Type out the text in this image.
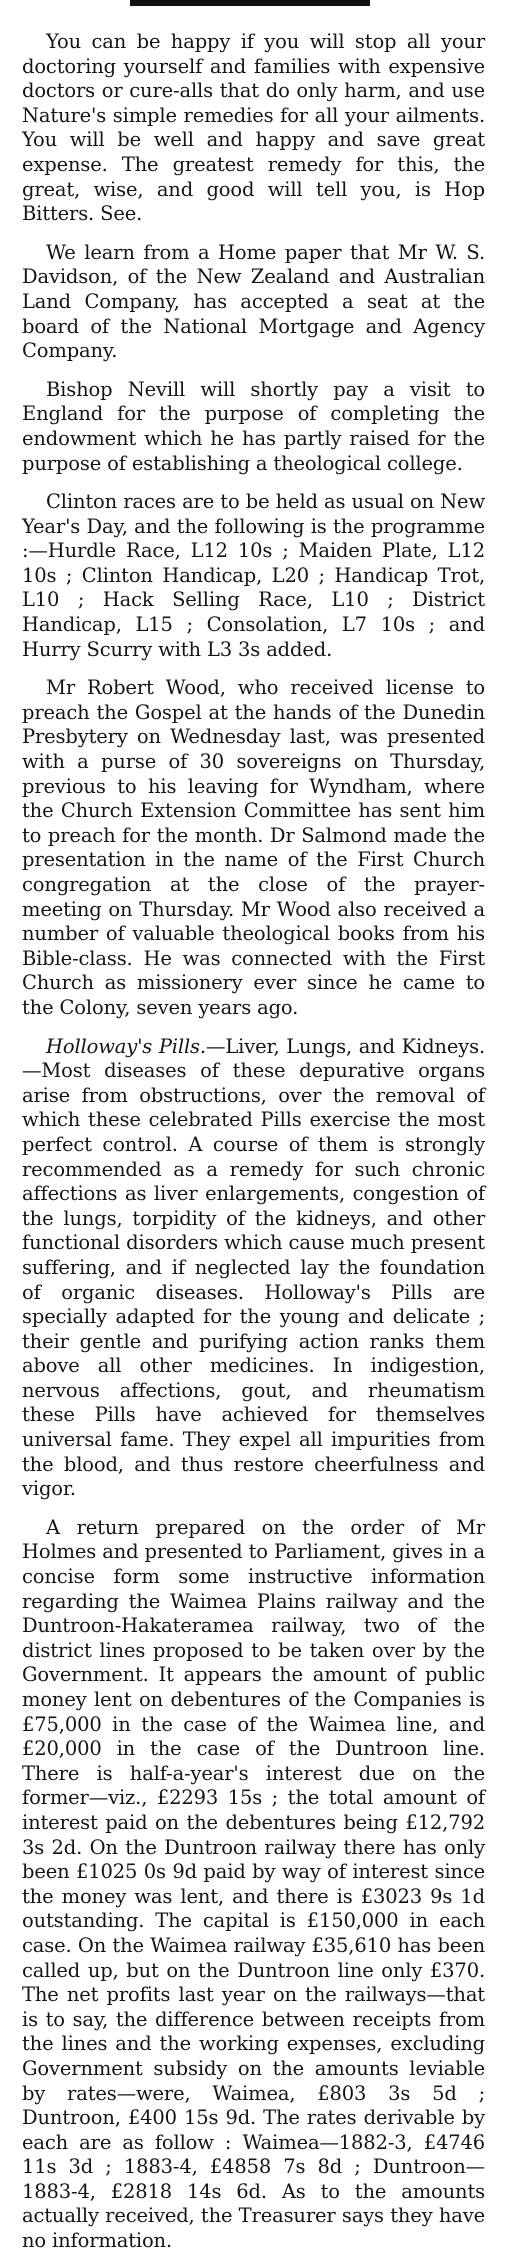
You can be happy if you will stop all your doctoring yourself and families with expensive doctors or cure-alls that do only harm, and use Nature's simple remedies for all your ailments. You will be well and happy and save great expense. The greatest remedy for this, the great, wise, and good will tell you, is Hop Bitters. See.

We learn from a Home paper that Mr W. S. Davidson, of the New Zealand and Australian Land Company, has accepted a seat at the board of the National Mortgage and Agency Company.

Bishop Nevill will shortly pay a visit to England for the purpose of completing the endowment which he has partly raised for the purpose of establishing a theological college.

Clinton races are to be held as usual on New Year's Day, and the following is the programme :—Hurdle Race, L12 10s ; Maiden Plate, L12 10s ; Clinton Handicap, L20 ; Handicap Trot, L10 ; Hack Selling Race, L10 ; District Handicap, L15 ; Consolation, L7 10s ; and Hurry Scurry with L3 3s added.

Mr Robert Wood, who received license to preach the Gospel at the hands of the Dunedin Presbytery on Wednesday last, was presented with a purse of 30 sovereigns on Thursday, previous to his leaving for Wyndham, where the Church Extension Committee has sent him to preach for the month. Dr Salmond made the presentation in the name of the First Church congregation at the close of the prayer-meeting on Thursday. Mr Wood also received a number of valuable theological books from his Bible-class. He was connected with the First Church as missionery ever since he came to the Colony, seven years ago.

Holloway's Pills.—Liver, Lungs, and Kidneys.—Most diseases of these depurative organs arise from obstructions, over the removal of which these celebrated Pills exercise the most perfect control. A course of them is strongly recommended as a remedy for such chronic affections as liver enlargements, congestion of the lungs, torpidity of the kidneys, and other functional disorders which cause much present suffering, and if neglected lay the foundation of organic diseases. Holloway's Pills are specially adapted for the young and delicate ; their gentle and purifying action ranks them above all other medicines. In indigestion, nervous affections, gout, and rheumatism these Pills have achieved for themselves universal fame. They expel all impurities from the blood, and thus restore cheerfulness and vigor.

A return prepared on the order of Mr Holmes and presented to Parliament, gives in a concise form some instructive information regarding the Waimea Plains railway and the Duntroon-Hakateramea railway, two of the district lines proposed to be taken over by the Government. It appears the amount of public money lent on debentures of the Companies is £75,000 in the case of the Waimea line, and £20,000 in the case of the Duntroon line. There is half-a-year's interest due on the former—viz., £2293 15s ; the total amount of interest paid on the debentures being £12,792 3s 2d. On the Duntroon railway there has only been £1025 0s 9d paid by way of interest since the money was lent, and there is £3023 9s 1d outstanding. The capital is £150,000 in each case. On the Waimea railway £35,610 has been called up, but on the Duntroon line only £370. The net profits last year on the railways—that is to say, the difference between receipts from the lines and the working expenses, excluding Government subsidy on the amounts leviable by rates—were, Waimea, £803 3s 5d ; Duntroon, £400 15s 9d. The rates derivable by each are as follow : Waimea—1882-3, £4746 11s 3d ; 1883-4, £4858 7s 8d ; Duntroon—1883-4, £2818 14s 6d. As to the amounts actually received, the Treasurer says they have no information.
